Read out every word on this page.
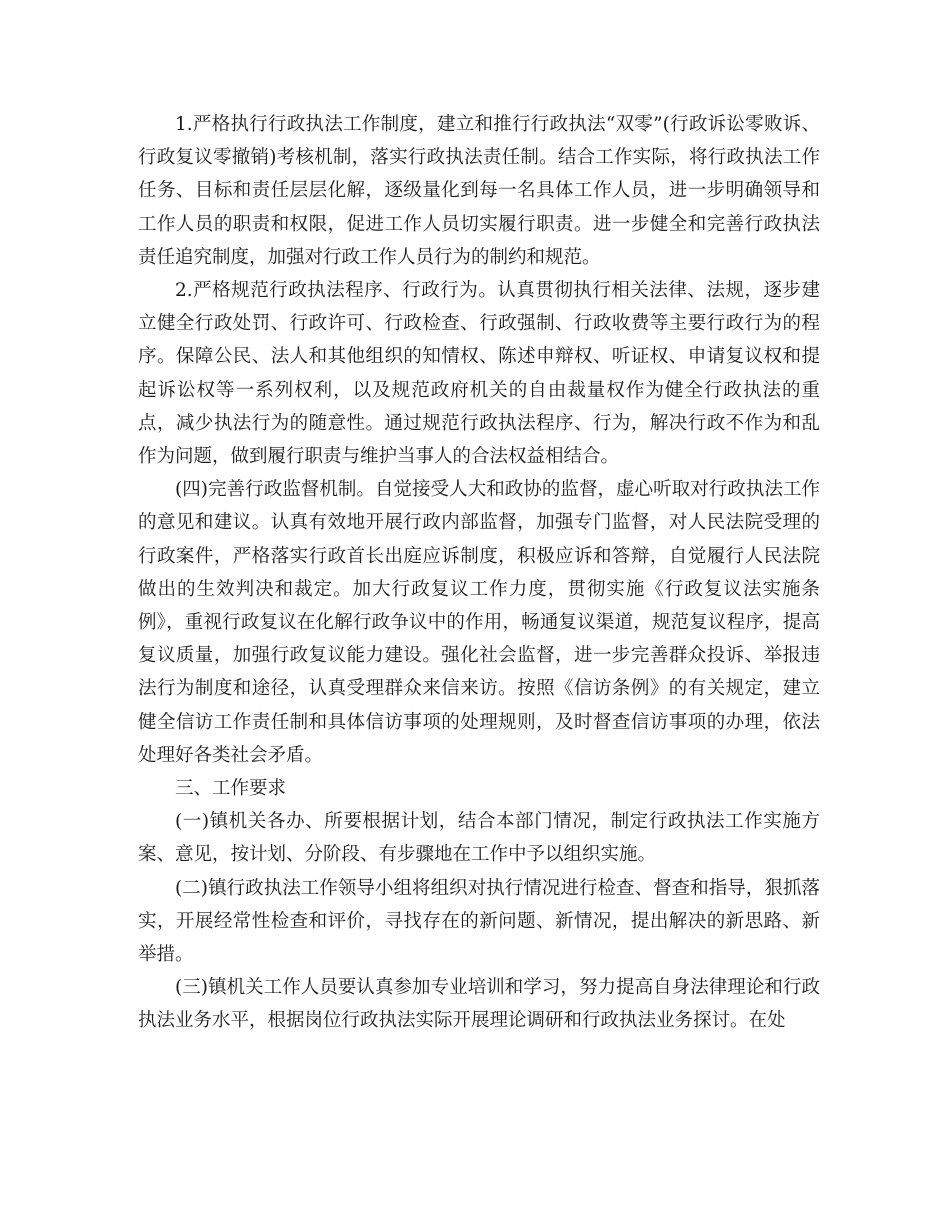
1.严格执行行政执法工作制度，建立和推行行政执法“双零”(行政诉讼零败诉、行政复议零撤销)考核机制，落实行政执法责任制。结合工作实际，将行政执法工作任务、目标和责任层层化解，逐级量化到每一名具体工作人员，进一步明确领导和工作人员的职责和权限，促进工作人员切实履行职责。进一步健全和完善行政执法责任追究制度，加强对行政工作人员行为的制约和规范。

2.严格规范行政执法程序、行政行为。认真贯彻执行相关法律、法规，逐步建立健全行政处罚、行政许可、行政检查、行政强制、行政收费等主要行政行为的程序。保障公民、法人和其他组织的知情权、陈述申辩权、听证权、申请复议权和提起诉讼权等一系列权利，以及规范政府机关的自由裁量权作为健全行政执法的重点，减少执法行为的随意性。通过规范行政执法程序、行为，解决行政不作为和乱作为问题，做到履行职责与维护当事人的合法权益相结合。

(四)完善行政监督机制。自觉接受人大和政协的监督，虚心听取对行政执法工作的意见和建议。认真有效地开展行政内部监督，加强专门监督，对人民法院受理的行政案件，严格落实行政首长出庭应诉制度，积极应诉和答辩，自觉履行人民法院做出的生效判决和裁定。加大行政复议工作力度，贯彻实施《行政复议法实施条例》，重视行政复议在化解行政争议中的作用，畅通复议渠道，规范复议程序，提高复议质量，加强行政复议能力建设。强化社会监督，进一步完善群众投诉、举报违法行为制度和途径，认真受理群众来信来访。按照《信访条例》的有关规定，建立健全信访工作责任制和具体信访事项的处理规则，及时督查信访事项的办理，依法处理好各类社会矛盾。

三、工作要求

(一)镇机关各办、所要根据计划，结合本部门情况，制定行政执法工作实施方案、意见，按计划、分阶段、有步骤地在工作中予以组织实施。

(二)镇行政执法工作领导小组将组织对执行情况进行检查、督查和指导，狠抓落实，开展经常性检查和评价，寻找存在的新问题、新情况，提出解决的新思路、新举措。

(三)镇机关工作人员要认真参加专业培训和学习，努力提高自身法律理论和行政执法业务水平，根据岗位行政执法实际开展理论调研和行政执法业务探讨。在处
